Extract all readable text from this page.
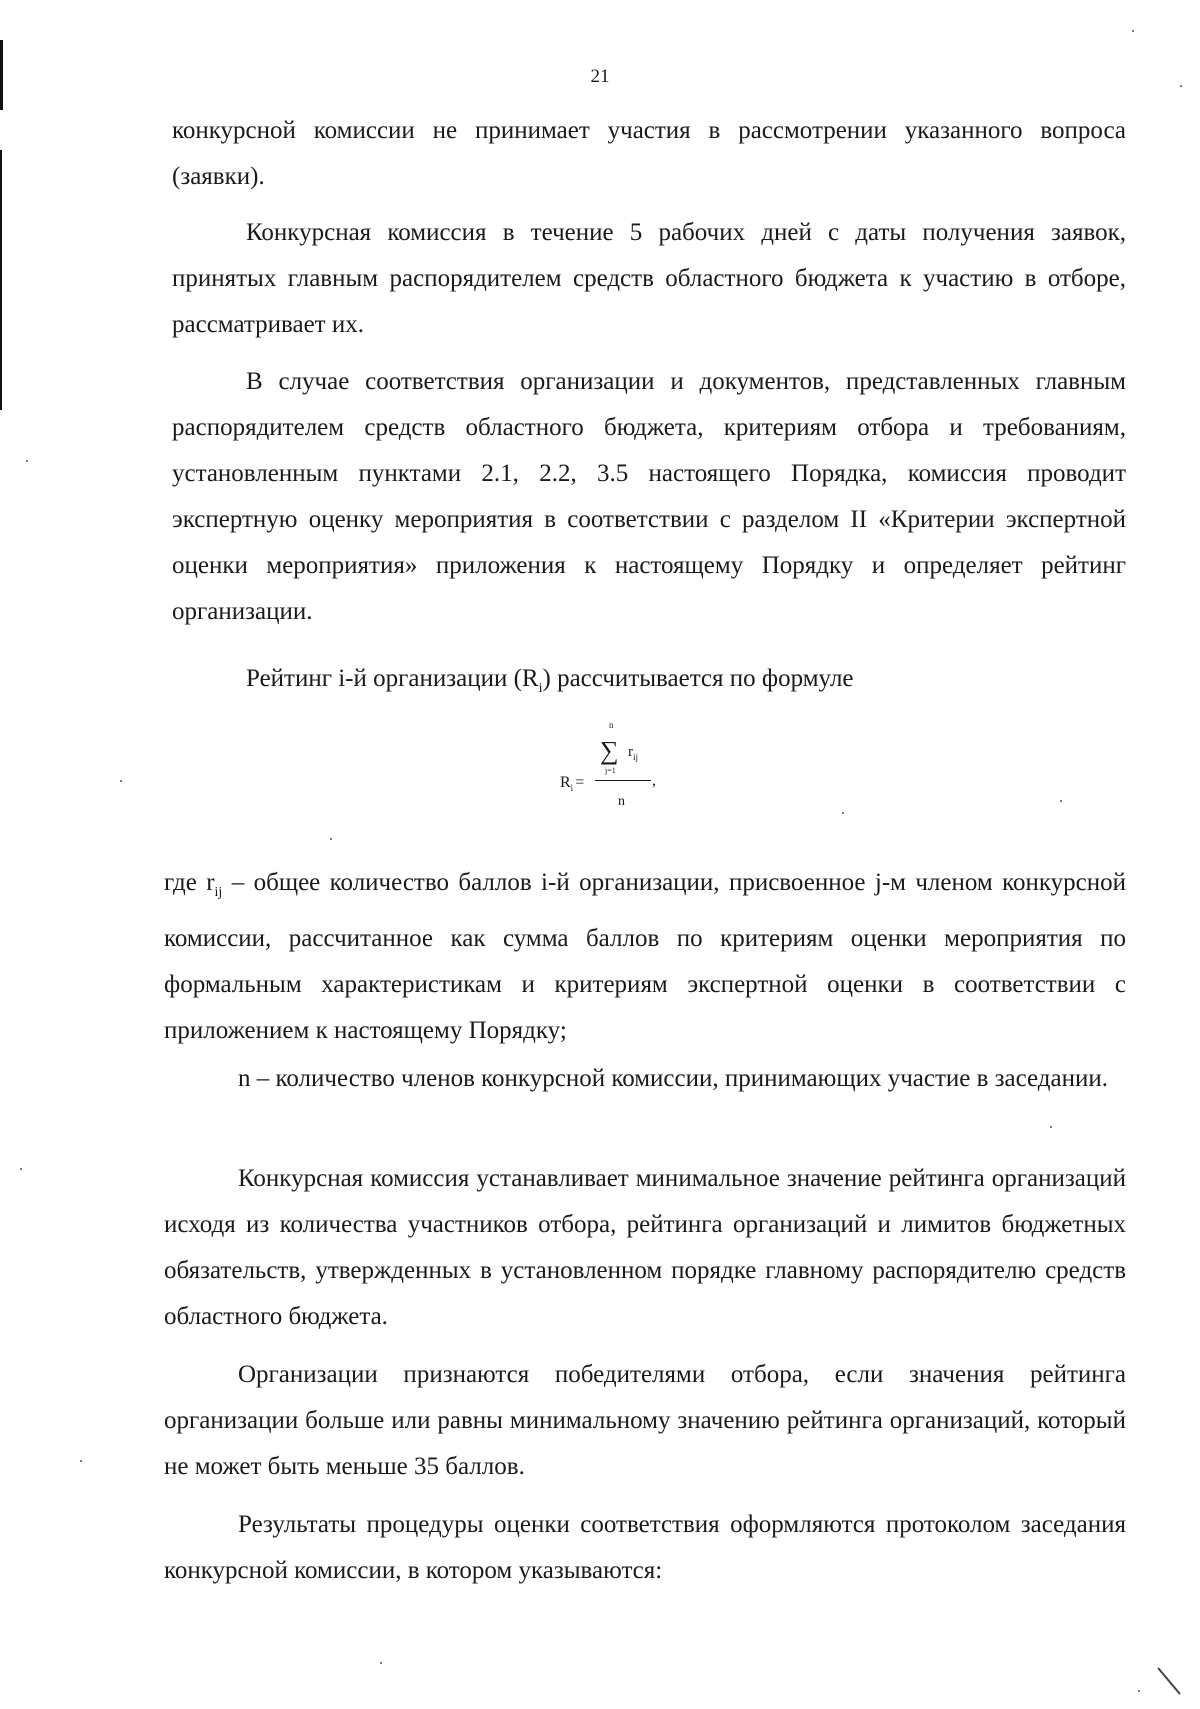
21

конкурсной комиссии не принимает участия в рассмотрении указанного вопроса (заявки).

Конкурсная комиссия в течение 5 рабочих дней с даты получения заявок, принятых главным распорядителем средств областного бюджета к участию в отборе, рассматривает их.

В случае соответствия организации и документов, представленных главным распорядителем средств областного бюджета, критериям отбора и требованиям, установленным пунктами 2.1, 2.2, 3.5 настоящего Порядка, комиссия проводит экспертную оценку мероприятия в соответствии с разделом II «Критерии экспертной оценки мероприятия» приложения к настоящему Порядку и определяет рейтинг организации.

Рейтинг i-й организации $(R_i)$ рассчитывается по формуле

n
∑ $r_{ij}$
j=1
$R_i$ =	,
n

где $r_{ij}$ – общее количество баллов i-й организации, присвоенное j-м членом конкурсной комиссии, рассчитанное как сумма баллов по критериям оценки мероприятия по формальным характеристикам и критериям экспертной оценки в соответствии с приложением к настоящему Порядку;

n – количество членов конкурсной комиссии, принимающих участие в заседании.

Конкурсная комиссия устанавливает минимальное значение рейтинга организаций исходя из количества участников отбора, рейтинга организаций и лимитов бюджетных обязательств, утвержденных в установленном порядке главному распорядителю средств областного бюджета.

Организации признаются победителями отбора, если значения рейтинга организации больше или равны минимальному значению рейтинга организаций, который не может быть меньше 35 баллов.

Результаты процедуры оценки соответствия оформляются протоколом заседания конкурсной комиссии, в котором указываются:
